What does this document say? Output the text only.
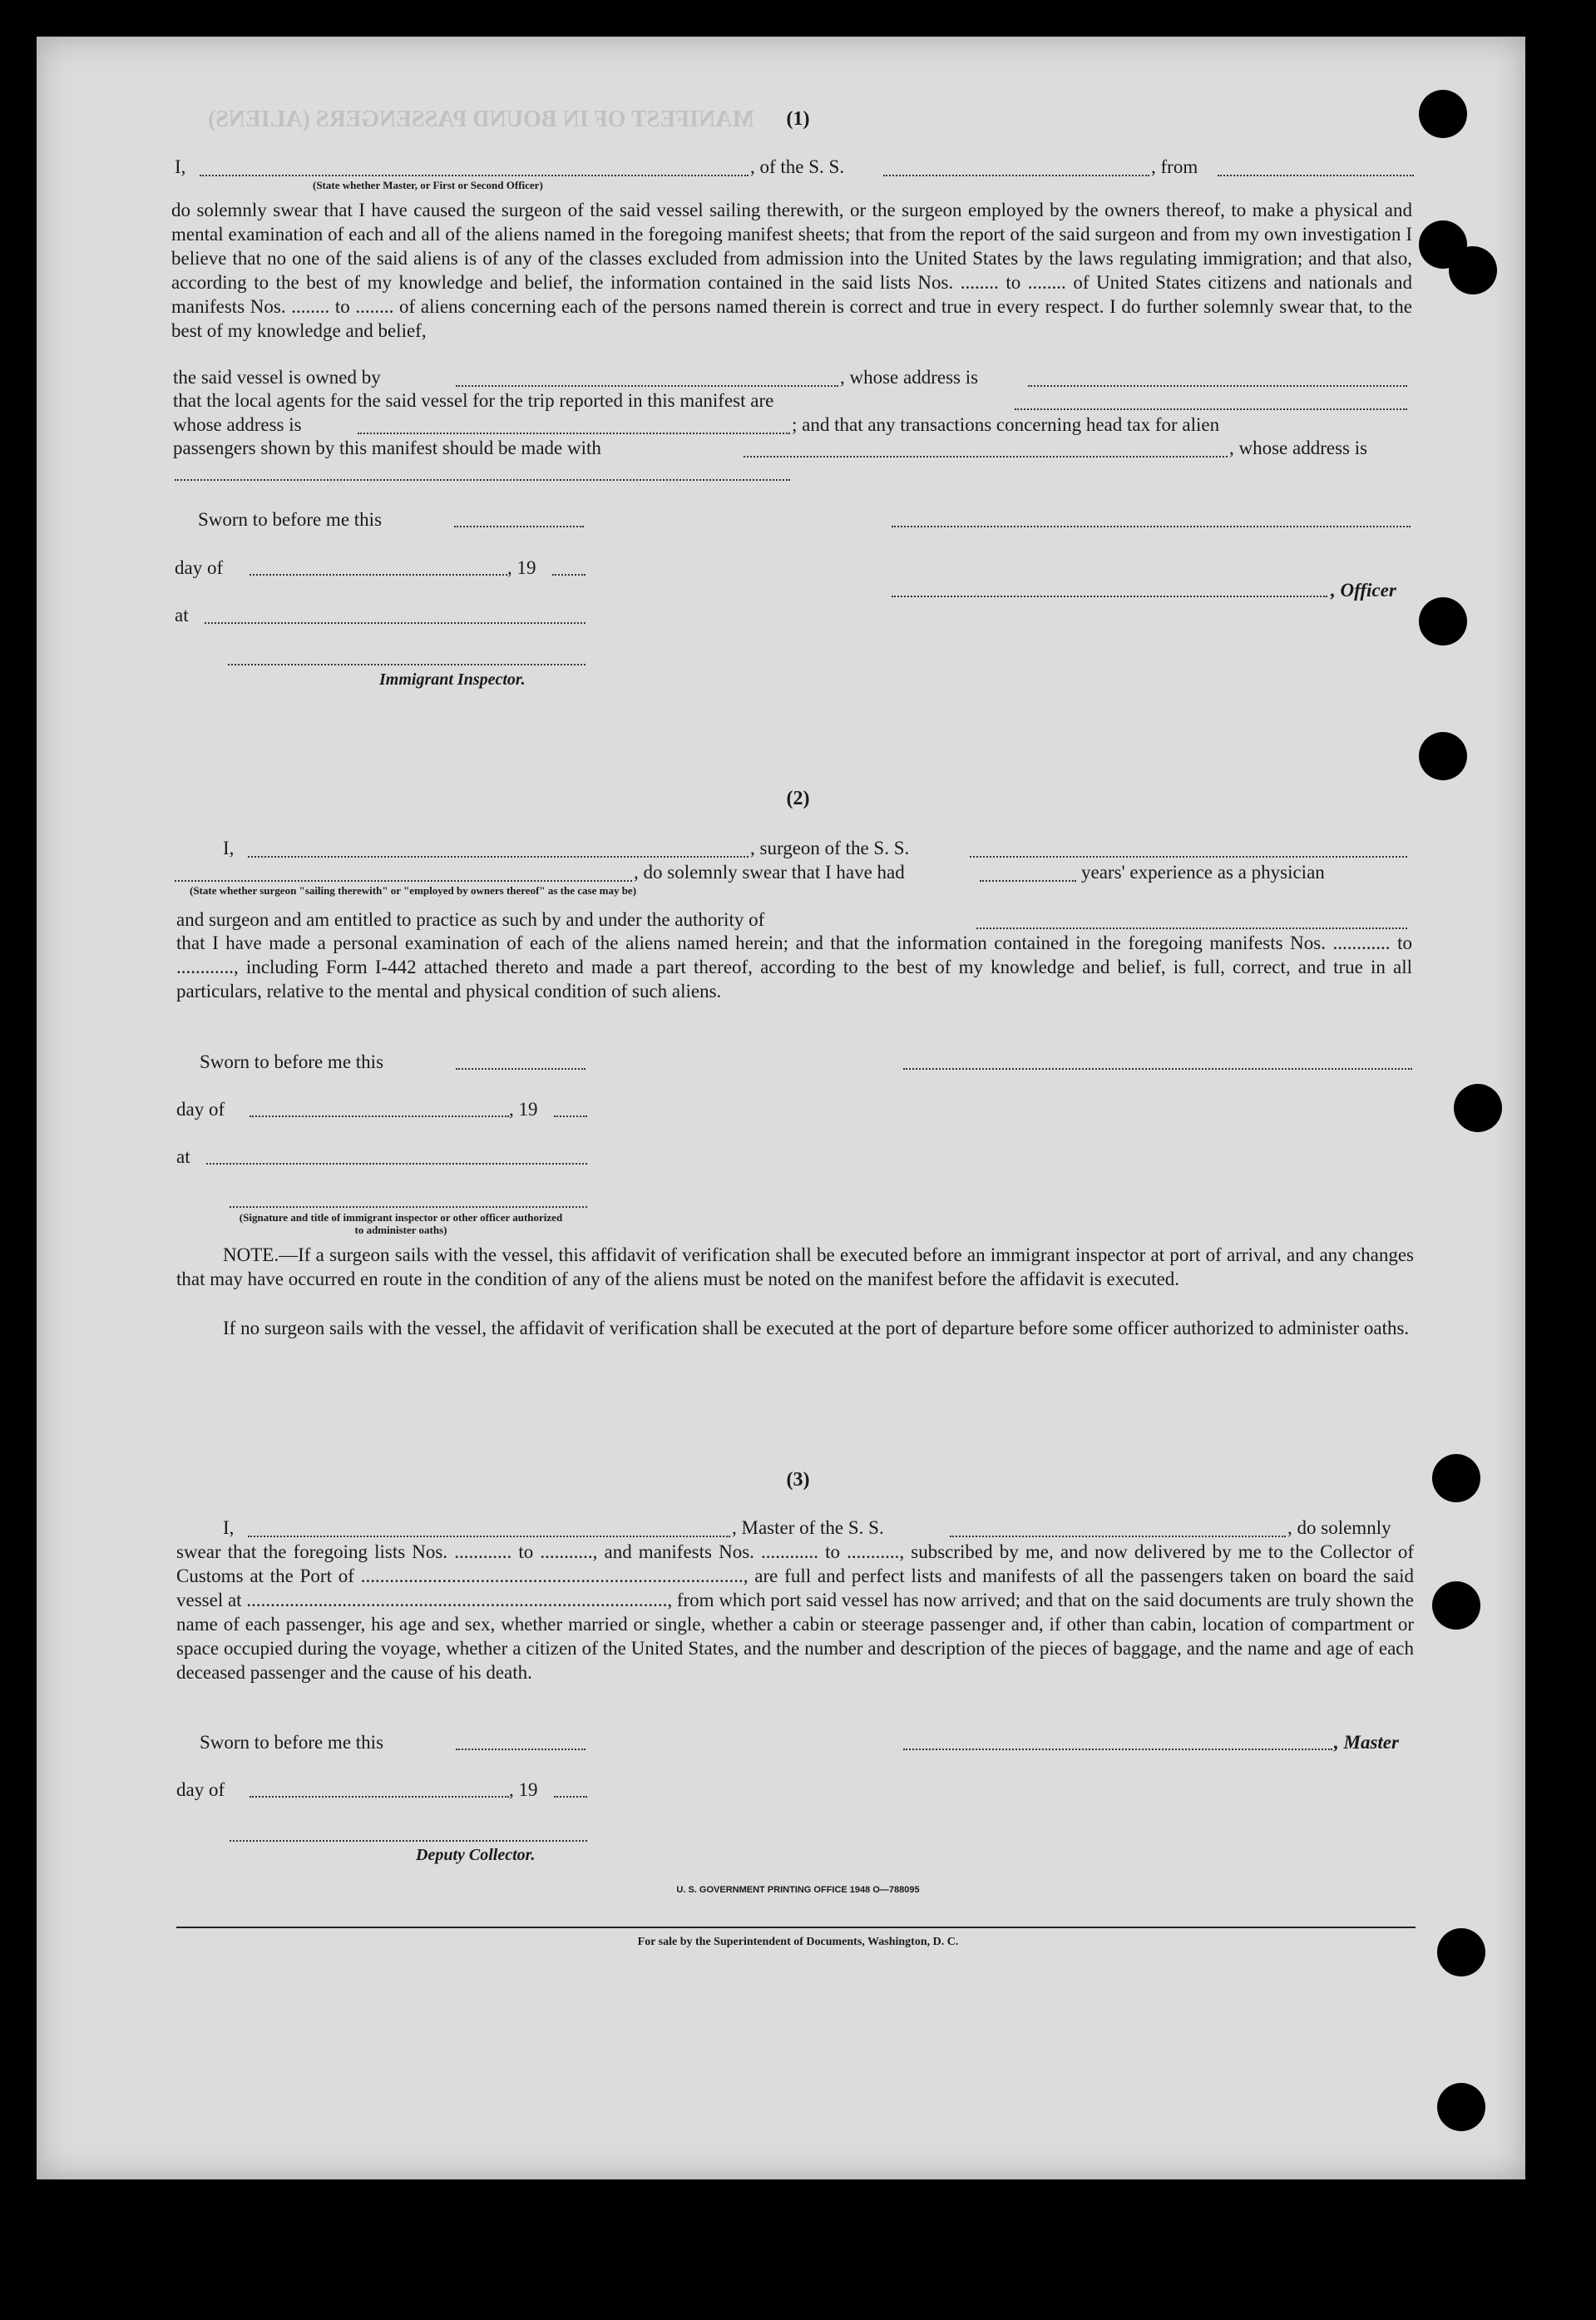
MANIFEST OF IN BOUND PASSENGERS (ALIENS)	(1)
I,	, of the S. S.	, from
(State whether Master, or First or Second Officer)
do solemnly swear that I have caused the surgeon of the said vessel sailing therewith, or the surgeon employed by the owners thereof, to make a physical and mental examination of each and all of the aliens named in the foregoing manifest sheets; that from the report of the said surgeon and from my own investigation I believe that no one of the said aliens is of any of the classes excluded from admission into the United States by the laws regulating immigration; and that also, according to the best of my knowledge and belief, the information contained in the said lists Nos. ........ to ........ of United States citizens and nationals and manifests Nos. ........ to ........ of aliens concerning each of the persons named therein is correct and true in every respect. I do further solemnly swear that, to the best of my knowledge and belief,
the said vessel is owned by	, whose address is
that the local agents for the said vessel for the trip reported in this manifest are
whose address is	; and that any transactions concerning head tax for alien
passengers shown by this manifest should be made with	, whose address is
Sworn to before me this
day of	, 19
, Officer
at
Immigrant Inspector.
(2)
I,	, surgeon of the S. S.
, do solemnly swear that I have had	years' experience as a physician
(State whether surgeon "sailing therewith" or "employed by owners thereof" as the case may be)
and surgeon and am entitled to practice as such by and under the authority of
that I have made a personal examination of each of the aliens named herein; and that the information contained in the foregoing manifests Nos. ............ to ............, including Form I-442 attached thereto and made a part thereof, according to the best of my knowledge and belief, is full, correct, and true in all particulars, relative to the mental and physical condition of such aliens.
Sworn to before me this
day of	, 19
at
(Signature and title of immigrant inspector or other officer authorized to administer oaths)
NOTE.—If a surgeon sails with the vessel, this affidavit of verification shall be executed before an immigrant inspector at port of arrival, and any changes that may have occurred en route in the condition of any of the aliens must be noted on the manifest before the affidavit is executed.
If no surgeon sails with the vessel, the affidavit of verification shall be executed at the port of departure before some officer authorized to administer oaths.
(3)
I,	, Master of the S. S.	, do solemnly
swear that the foregoing lists Nos. ............ to ..........., and manifests Nos. ............ to ..........., subscribed by me, and now delivered by me to the Collector of Customs at the Port of ................................................................................, are full and perfect lists and manifests of all the passengers taken on board the said vessel at ........................................................................................, from which port said vessel has now arrived; and that on the said documents are truly shown the name of each passenger, his age and sex, whether married or single, whether a cabin or steerage passenger and, if other than cabin, location of compartment or space occupied during the voyage, whether a citizen of the United States, and the number and description of the pieces of baggage, and the name and age of each deceased passenger and the cause of his death.
Sworn to before me this	, Master
day of	, 19
Deputy Collector.
U. S. GOVERNMENT PRINTING OFFICE 1948 O—788095
For sale by the Superintendent of Documents, Washington, D. C.
